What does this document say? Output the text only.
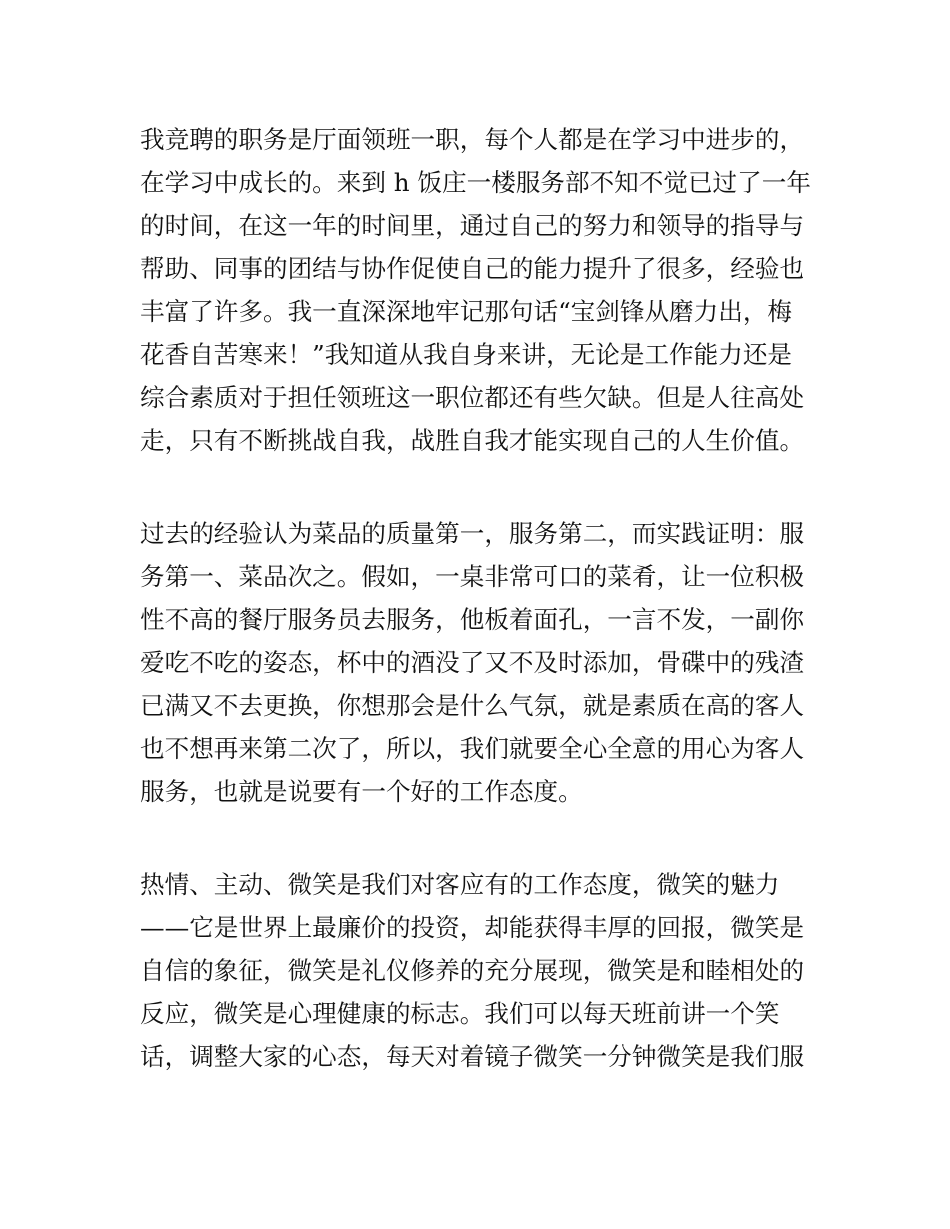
我竞聘的职务是厅面领班一职，每个人都是在学习中进步的，
在学习中成长的。来到 h 饭庄一楼服务部不知不觉已过了一年
的时间，在这一年的时间里，通过自己的努力和领导的指导与
帮助、同事的团结与协作促使自己的能力提升了很多，经验也
丰富了许多。我一直深深地牢记那句话“宝剑锋从磨力出，梅
花香自苦寒来！”我知道从我自身来讲，无论是工作能力还是
综合素质对于担任领班这一职位都还有些欠缺。但是人往高处
走，只有不断挑战自我，战胜自我才能实现自己的人生价值。
过去的经验认为菜品的质量第一，服务第二，而实践证明：服
务第一、菜品次之。假如，一桌非常可口的菜肴，让一位积极
性不高的餐厅服务员去服务，他板着面孔，一言不发，一副你
爱吃不吃的姿态，杯中的酒没了又不及时添加，骨碟中的残渣
已满又不去更换，你想那会是什么气氛，就是素质在高的客人
也不想再来第二次了，所以，我们就要全心全意的用心为客人
服务，也就是说要有一个好的工作态度。
热情、主动、微笑是我们对客应有的工作态度，微笑的魅力
——它是世界上最廉价的投资，却能获得丰厚的回报，微笑是
自信的象征，微笑是礼仪修养的充分展现，微笑是和睦相处的
反应，微笑是心理健康的标志。我们可以每天班前讲一个笑
话，调整大家的心态，每天对着镜子微笑一分钟微笑是我们服
